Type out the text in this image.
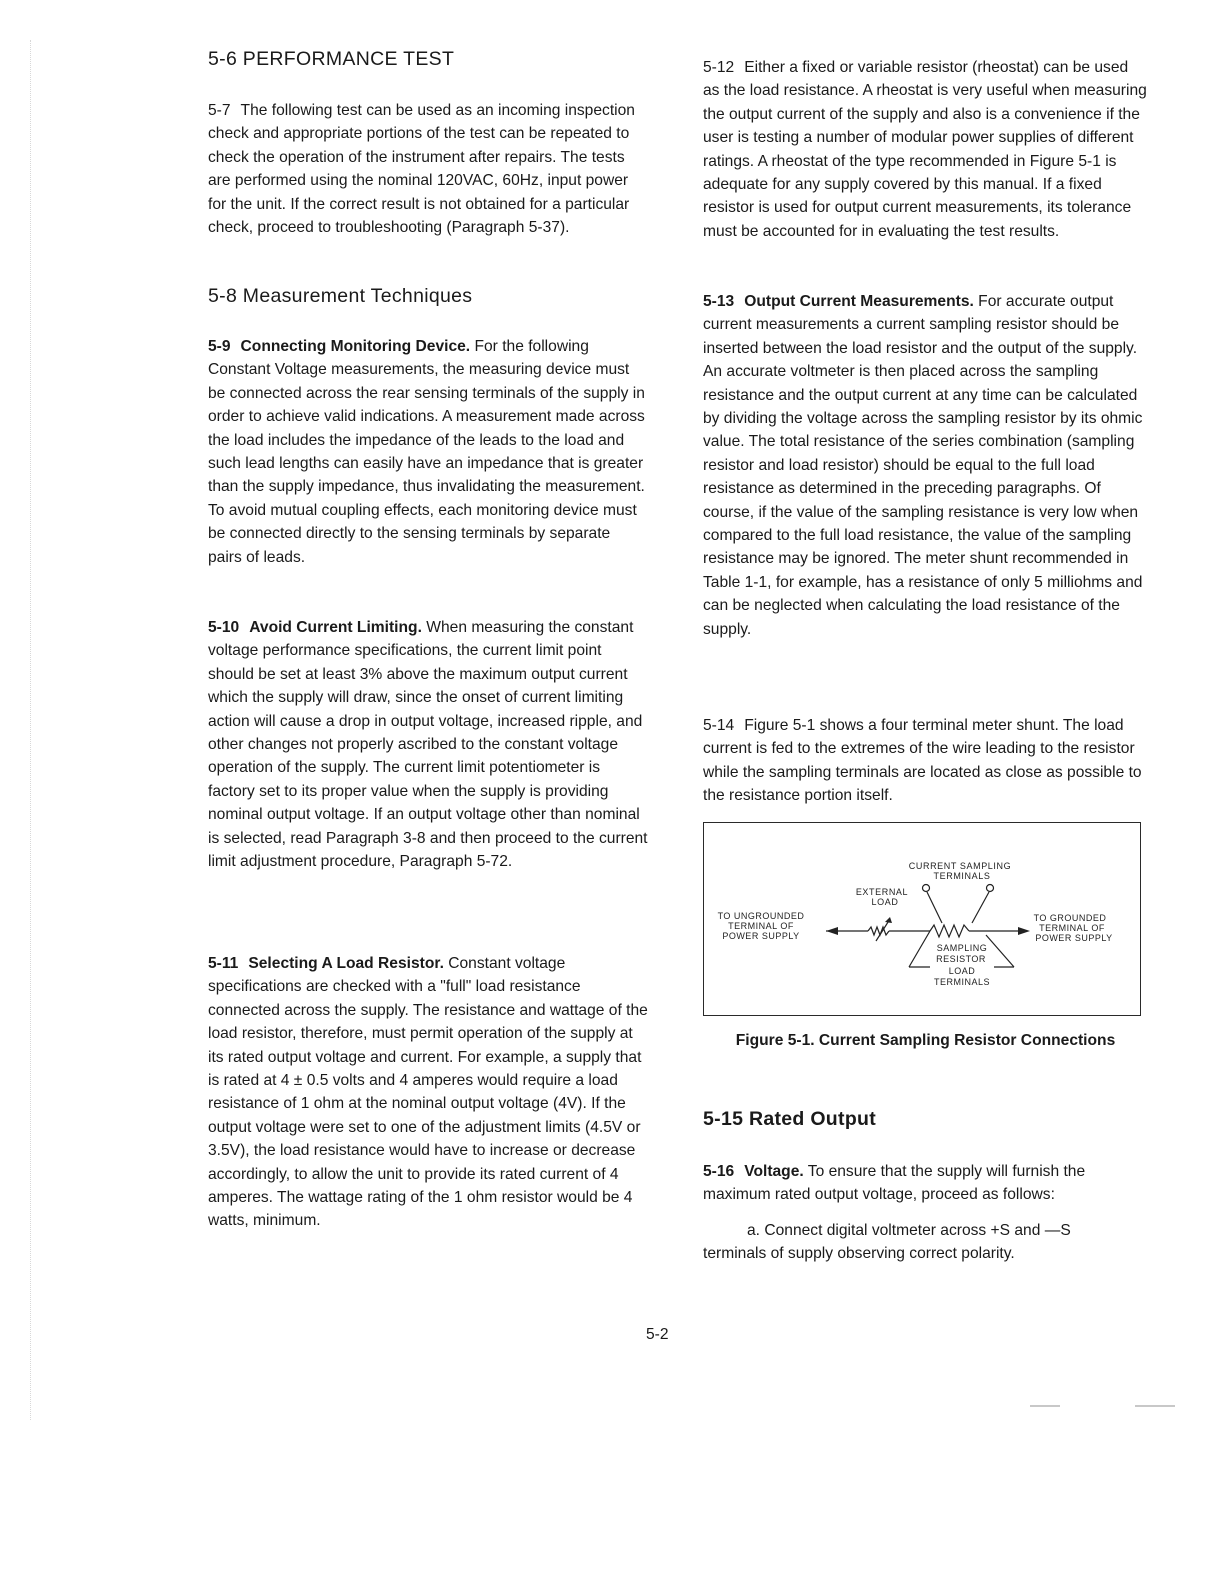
5-6 PERFORMANCE TEST

5-7 The following test can be used as an incoming inspection check and appropriate portions of the test can be repeated to check the operation of the instrument after repairs. The tests are performed using the nominal 120VAC, 60Hz, input power for the unit. If the correct result is not obtained for a particular check, proceed to troubleshooting (Paragraph 5-37).

5-8 Measurement Techniques

5-9 Connecting Monitoring Device. For the following Constant Voltage measurements, the measuring device must be connected across the rear sensing terminals of the supply in order to achieve valid indications. A measurement made across the load includes the impedance of the leads to the load and such lead lengths can easily have an impedance that is greater than the supply impedance, thus invalidating the measurement. To avoid mutual coupling effects, each monitoring device must be connected directly to the sensing terminals by separate pairs of leads.

5-10 Avoid Current Limiting. When measuring the constant voltage performance specifications, the current limit point should be set at least 3% above the maximum output current which the supply will draw, since the onset of current limiting action will cause a drop in output voltage, increased ripple, and other changes not properly ascribed to the constant voltage operation of the supply. The current limit potentiometer is factory set to its proper value when the supply is providing nominal output voltage. If an output voltage other than nominal is selected, read Paragraph 3-8 and then proceed to the current limit adjustment procedure, Paragraph 5-72.

5-11 Selecting A Load Resistor. Constant voltage specifications are checked with a "full" load resistance connected across the supply. The resistance and wattage of the load resistor, therefore, must permit operation of the supply at its rated output voltage and current. For example, a supply that is rated at 4 ± 0.5 volts and 4 amperes would require a load resistance of 1 ohm at the nominal output voltage (4V). If the output voltage were set to one of the adjustment limits (4.5V or 3.5V), the load resistance would have to increase or decrease accordingly, to allow the unit to provide its rated current of 4 amperes. The wattage rating of the 1 ohm resistor would be 4 watts, minimum.

5-12 Either a fixed or variable resistor (rheostat) can be used as the load resistance. A rheostat is very useful when measuring the output current of the supply and also is a convenience if the user is testing a number of modular power supplies of different ratings. A rheostat of the type recommended in Figure 5-1 is adequate for any supply covered by this manual. If a fixed resistor is used for output current measurements, its tolerance must be accounted for in evaluating the test results.

5-13 Output Current Measurements. For accurate output current measurements a current sampling resistor should be inserted between the load resistor and the output of the supply. An accurate voltmeter is then placed across the sampling resistance and the output current at any time can be calculated by dividing the voltage across the sampling resistor by its ohmic value. The total resistance of the series combination (sampling resistor and load resistor) should be equal to the full load resistance as determined in the preceding paragraphs. Of course, if the value of the sampling resistance is very low when compared to the full load resistance, the value of the sampling resistance may be ignored. The meter shunt recommended in Table 1-1, for example, has a resistance of only 5 milliohms and can be neglected when calculating the load resistance of the supply.

5-14 Figure 5-1 shows a four terminal meter shunt. The load current is fed to the extremes of the wire leading to the resistor while the sampling terminals are located as close as possible to the resistance portion itself.

CURRENT SAMPLING
TERMINALS
EXTERNAL
LOAD
TO UNGROUNDED
TERMINAL OF
POWER SUPPLY
TO GROUNDED
TERMINAL OF
POWER SUPPLY
SAMPLING
RESISTOR
LOAD
TERMINALS
Figure 5-1. Current Sampling Resistor Connections
5-15 Rated Output

5-16 Voltage. To ensure that the supply will furnish the maximum rated output voltage, proceed as follows:

a. Connect digital voltmeter across +S and —S
terminals of supply observing correct polarity.

5-2
